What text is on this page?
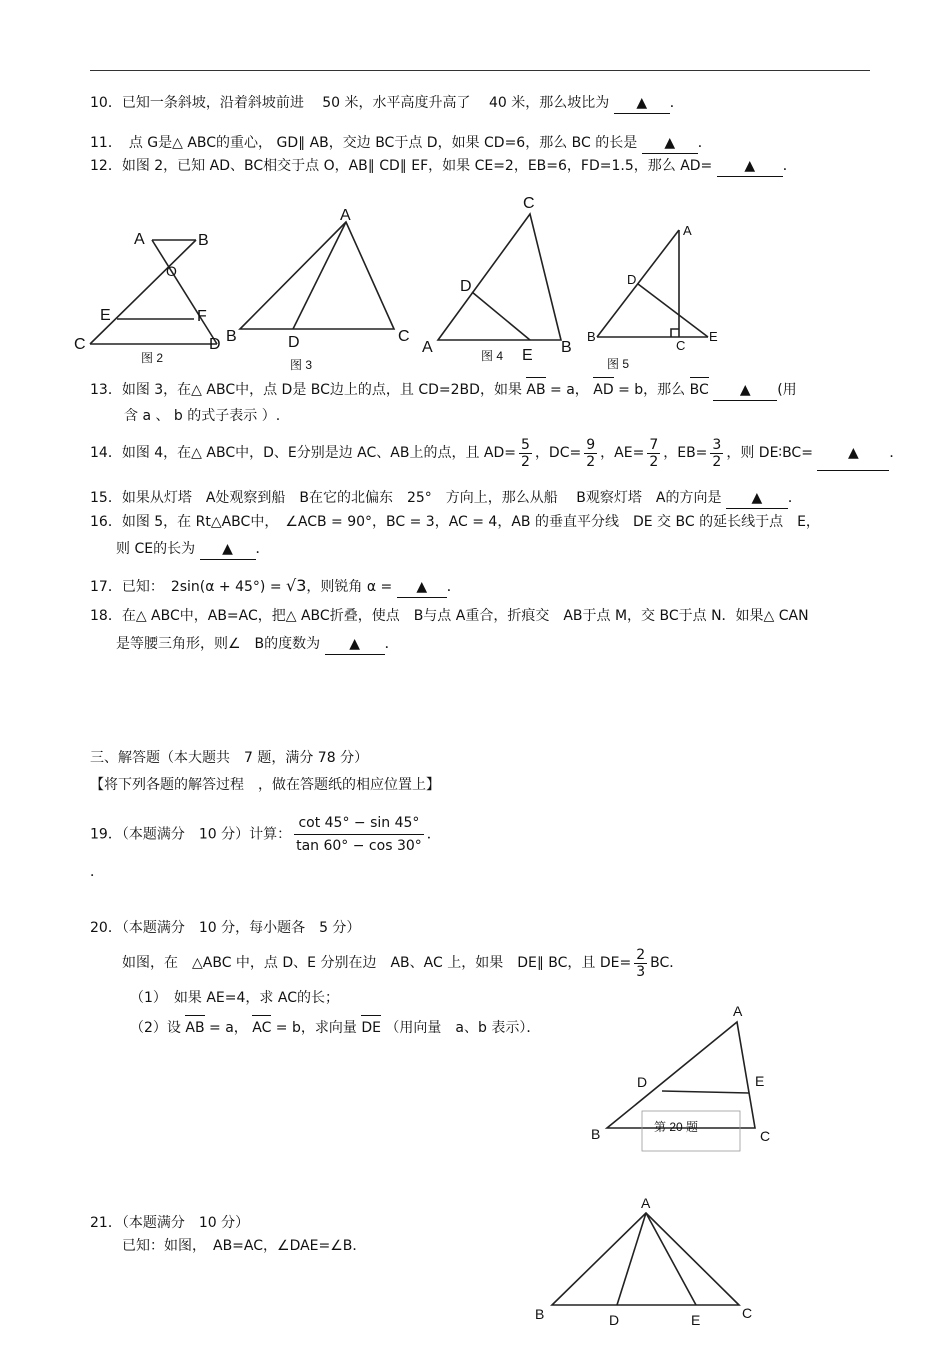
10．已知一条斜坡，沿着斜坡前进　 50 米，水平高度升高了　 40 米，那么坡比为 ▲ ．
11．　点 G是△ ABC的重心， GD∥ AB，交边 BC于点 D，如果 CD=6，那么 BC 的长是 ▲ ．
12．如图 2，已知 AD、BC相交于点 O，AB∥ CD∥ EF，如果 CE=2，EB=6，FD=1.5，那么 AD= ▲ ．
A	B
O
E	F
C	D
图 2
A
B	D	C
图 3
C
D
A	E B
图 4
A
D
B
C
E
图 5
13．如图 3，在△ ABC中，点 D是 BC边上的点，且 CD=2BD，如果 AB = a， AD = b，那么 BC ▲ (用
含 a 、 b 的式子表示 ）.
14．如图 4，在△ ABC中，D、E分别是边 AC、AB上的点，且 $AD= \frac{5}{2}$ ，$DC= \frac{9}{2}$ ，$AE= \frac{7}{2}$ ，$EB= \frac{3}{2}$ ，则 DE∶BC=	▲ ．
15．如果从灯塔　A处观察到船　B在它的北偏东　25°　方向上，那么从船　 B观察灯塔　A的方向是 ▲ ．
16．如图 5，在 Rt△ABC中，　∠ACB = 90°，BC = 3，AC = 4，AB 的垂直平分线　DE 交 BC 的延长线于点　E，
则 CE的长为 ▲ ．
17．已知：　2sin(α + 45°) = √3，则锐角 α = ▲ ．
18．在△ ABC中，AB=AC，把△ ABC折叠，使点　B与点 A重合，折痕交　AB于点 M，交 BC于点 N．如果△ CAN
是等腰三角形，则∠　B的度数为 ▲ ．
三、解答题（本大题共　7 题，满分 78 分）
【将下列各题的解答过程　，做在答题纸的相应位置上】
19．（本题满分　10 分）计算： $\frac{\cot 45^\circ - \sin 45^\circ}{\tan 60^\circ - \cos 30^\circ}$ ．
．
20．（本题满分　10 分，每小题各　5 分）
如图，在　△ABC 中，点 D、E 分别在边　AB、AC 上，如果　DE∥ BC，且 $DE= \frac{2}{3}$ BC．
（1）　如果 AE=4，求 AC的长；
（2）设 AB = a， AC = b，求向量 DE （用向量　a、b 表示）．
A
D	E
B	C
第 20 题
21．（本题满分　10 分）
已知：如图，　AB=AC，∠DAE=∠B．
A
B	D	E	C
